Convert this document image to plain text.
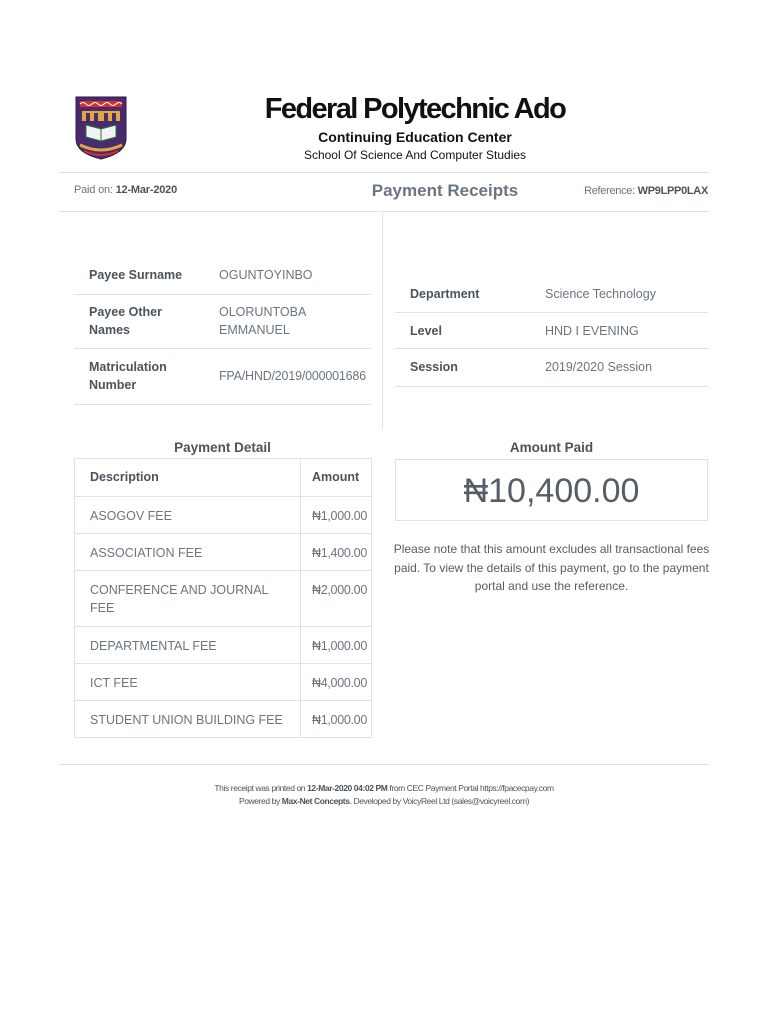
Federal Polytechnic Ado
Continuing Education Center
School Of Science And Computer Studies
Paid on: 12-Mar-2020	Payment Receipts	Reference: WP9LPP0LAX
Payee Surname	OGUNTOYINBO
Payee Other
Names	OLORUNTOBA
EMMANUEL
Matriculation
Number	FPA/HND/2019/000001686
Department	Science Technology
Level	HND I EVENING
Session	2019/2020 Session
Payment Detail
Description	Amount
ASOGOV FEE	₦1,000.00
ASSOCIATION FEE	₦1,400.00
CONFERENCE AND JOURNAL FEE	₦2,000.00
DEPARTMENTAL FEE	₦1,000.00
ICT FEE	₦4,000.00
STUDENT UNION BUILDING FEE	₦1,000.00
Amount Paid
₦10,400.00
Please note that this amount excludes all transactional fees paid. To view the details of this payment, go to the payment portal and use the reference.
This receipt was printed on 12-Mar-2020 04:02 PM from CEC Payment Portal https://fpacecpay.com
Powered by Max-Net Concepts. Developed by VoicyReel Ltd (sales@voicyreel.com)
